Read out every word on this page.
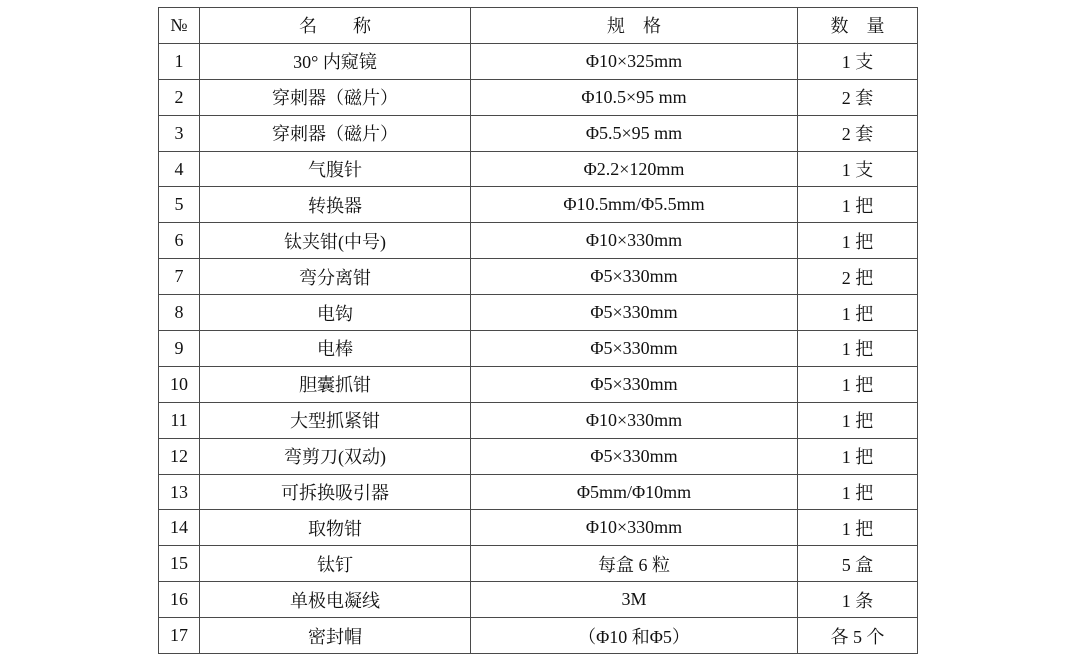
№	名　　称	规　格	数　量
1	30° 内窥镜	Φ10×325mm	1 支
2	穿刺器（磁片）	Φ10.5×95 mm	2 套
3	穿刺器（磁片）	Φ5.5×95 mm	2 套
4	气腹针	Φ2.2×120mm	1 支
5	转换器	Φ10.5mm/Φ5.5mm	1 把
6	钛夹钳(中号)	Φ10×330mm	1 把
7	弯分离钳	Φ5×330mm	2 把
8	电钩	Φ5×330mm	1 把
9	电棒	Φ5×330mm	1 把
10	胆囊抓钳	Φ5×330mm	1 把
11	大型抓紧钳	Φ10×330mm	1 把
12	弯剪刀(双动)	Φ5×330mm	1 把
13	可拆换吸引器	Φ5mm/Φ10mm	1 把
14	取物钳	Φ10×330mm	1 把
15	钛钉	每盒 6 粒	5 盒
16	单极电凝线	3M	1 条
17	密封帽	（Φ10 和Φ5）	各 5 个
